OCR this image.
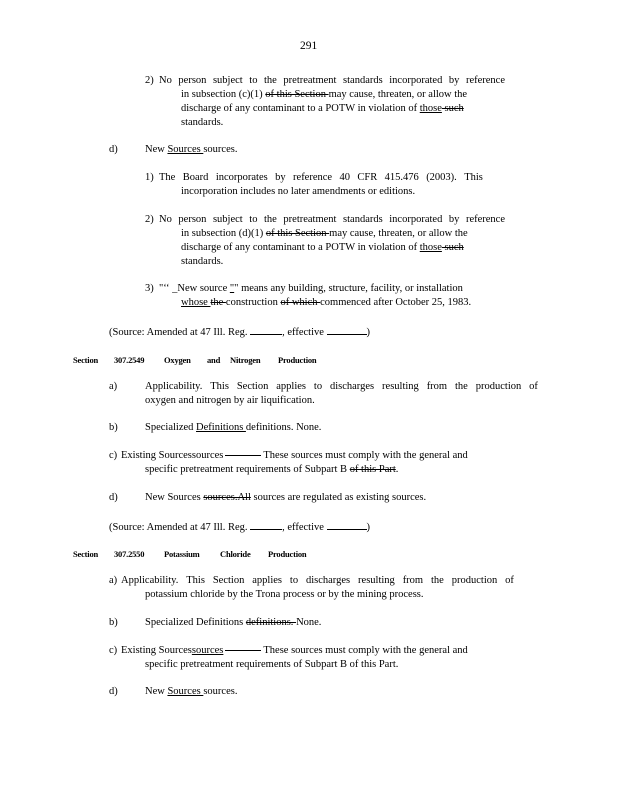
291
2) No person subject to the pretreatment standards incorporated by reference
in subsection (c)(1) of this Section may cause, threaten, or allow the
discharge of any contaminant to a POTW in violation of those such
standards.
d)	New Sources sources.
1) The Board incorporates by reference 40 CFR 415.476 (2003). This
incorporation includes no later amendments or editions.
2) No person subject to the pretreatment standards incorporated by reference
in subsection (d)(1) of this Section may cause, threaten, or allow the
discharge of any contaminant to a POTW in violation of those such
standards.
3) "‘‘ _New source "" means any building, structure, facility, or installation
whose the construction of which commenced after October 25, 1983.
(Source: Amended at 47 Ill. Reg.	, effective	)
Section 307.2549 Oxygen and Nitrogen Production
a)	Applicability. This Section applies to discharges resulting from the production of
oxygen and nitrogen by air liquification.
b)	Specialized Definitions definitions. None.
c) Existing Sourcessources	These sources must comply with the general and
specific pretreatment requirements of Subpart B of this Part.
d)	New Sources sources.All sources are regulated as existing sources.
(Source: Amended at 47 Ill. Reg.	, effective	)
Section 307.2550 Potassium Chloride Production
a) Applicability. This Section applies to discharges resulting from the production of
potassium chloride by the Trona process or by the mining process.
b)	Specialized Definitions definitions. None.
c) Existing Sourcessources	These sources must comply with the general and
specific pretreatment requirements of Subpart B of this Part.
d)	New Sources sources.
